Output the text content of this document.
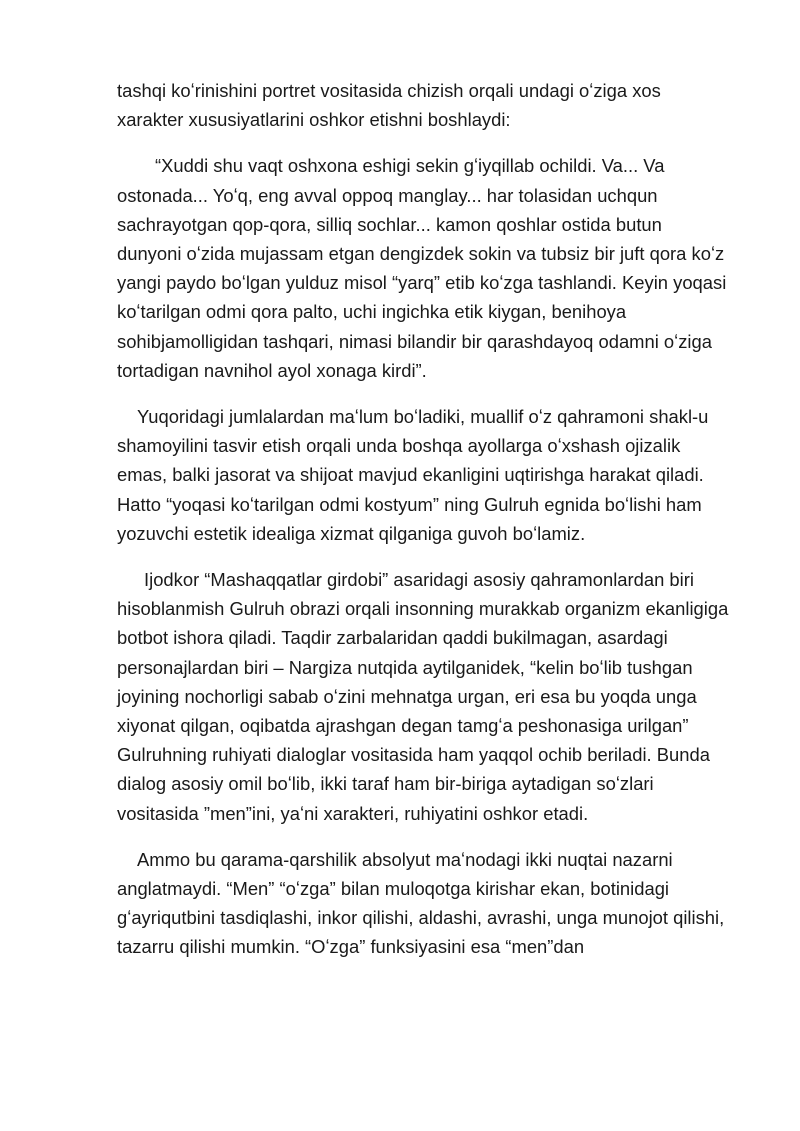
tashqi koʻrinishini portret vositasida chizish orqali undagi oʻziga xos xarakter xususiyatlarini oshkor etishni boshlaydi:

“Xuddi shu vaqt oshxona eshigi sekin gʻiyqillab ochildi. Va... Va ostonada... Yoʻq, eng avval oppoq manglay... har tolasidan uchqun sachrayotgan qop-qora, silliq sochlar... kamon qoshlar ostida butun dunyoni oʻzida mujassam etgan dengizdek sokin va tubsiz bir juft qora koʻz yangi paydo boʻlgan yulduz misol “yarq” etib koʻzga tashlandi. Keyin yoqasi koʻtarilgan odmi qora palto, uchi ingichka etik kiygan, benihoya sohibjamolligidan tashqari, nimasi bilandir bir qarashdayoq odamni oʻziga tortadigan navnihol ayol xonaga kirdi”.

Yuqoridagi jumlalardan maʻlum boʻladiki, muallif oʻz qahramoni shakl-u shamoyilini tasvir etish orqali unda boshqa ayollarga oʻxshash ojizalik emas, balki jasorat va shijoat mavjud ekanligini uqtirishga harakat qiladi. Hatto “yoqasi koʻtarilgan odmi kostyum” ning Gulruh egnida boʻlishi ham yozuvchi estetik idealiga xizmat qilganiga guvoh boʻlamiz.

Ijodkor “Mashaqqatlar girdobi” asaridagi asosiy qahramonlardan biri hisoblanmish Gulruh obrazi orqali insonning murakkab organizm ekanligiga botbot ishora qiladi. Taqdir zarbalaridan qaddi bukilmagan, asardagi personajlardan biri – Nargiza nutqida aytilganidek, “kelin boʻlib tushgan joyining nochorligi sabab oʻzini mehnatga urgan, eri esa bu yoqda unga xiyonat qilgan, oqibatda ajrashgan degan tamgʻa peshonasiga urilgan” Gulruhning ruhiyati dialoglar vositasida ham yaqqol ochib beriladi. Bunda dialog asosiy omil boʻlib, ikki taraf ham bir-biriga aytadigan soʻzlari vositasida ”men”ini, yaʻni xarakteri, ruhiyatini oshkor etadi.

Ammo bu qarama-qarshilik absolyut maʻnodagi ikki nuqtai nazarni anglatmaydi. “Men” “oʻzga” bilan muloqotga kirishar ekan, botinidagi gʻayriqutbini tasdiqlashi, inkor qilishi, aldashi, avrashi, unga munojot qilishi, tazarru qilishi mumkin. “Oʻzga” funksiyasini esa “men”dan
